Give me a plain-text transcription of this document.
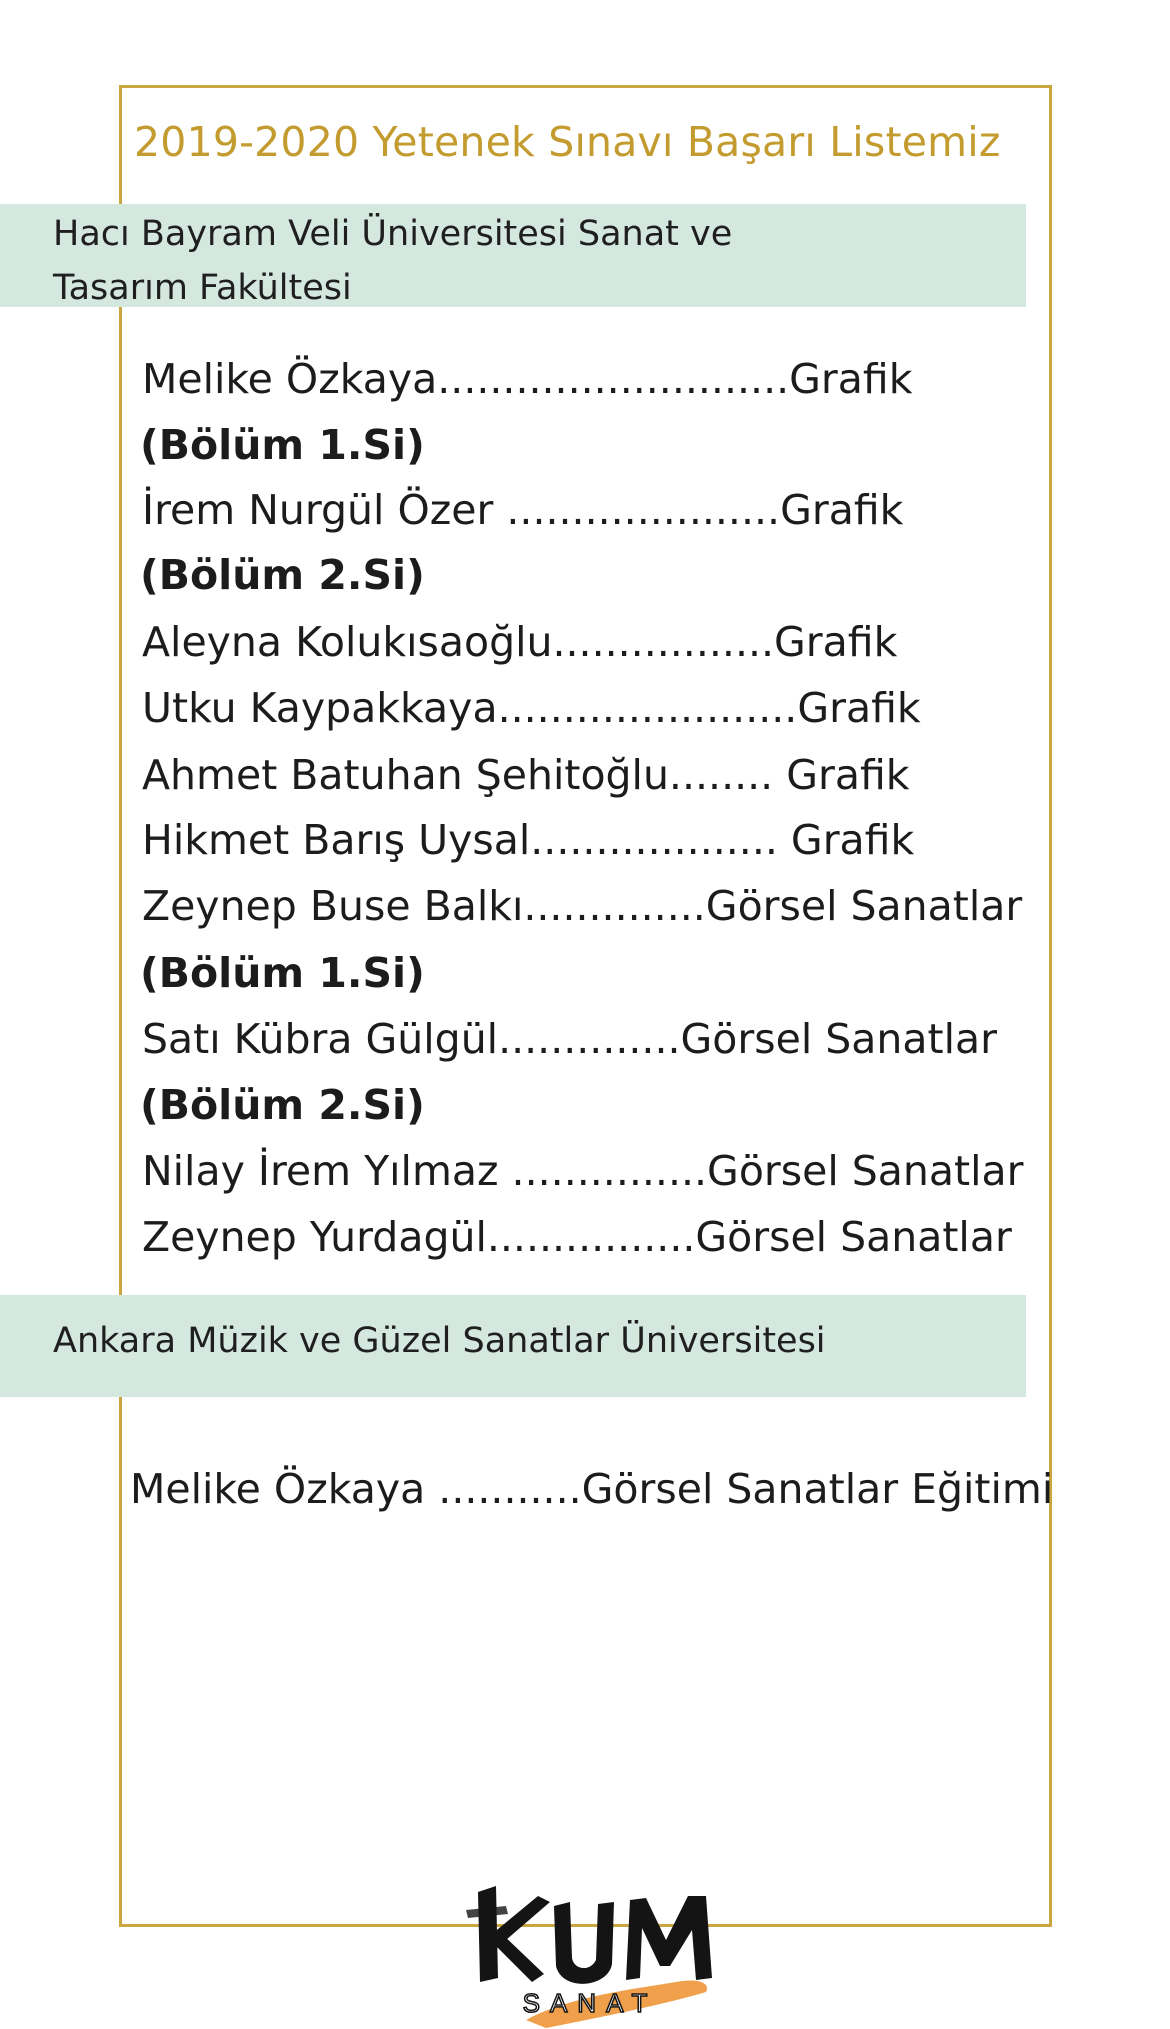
2019-2020 Yetenek Sınavı Başarı Listemiz
Hacı Bayram Veli Üniversitesi Sanat ve
Tasarım Fakültesi
Melike Özkaya...........................Grafik
(Bölüm 1.Si)
İrem Nurgül Özer .....................Grafik
(Bölüm 2.Si)
Aleyna Kolukısaoğlu.................Grafik
Utku Kaypakkaya.......................Grafik
Ahmet Batuhan Şehitoğlu........ Grafik
Hikmet Barış Uysal................... Grafik
Zeynep Buse Balkı..............Görsel Sanatlar
(Bölüm 1.Si)
Satı Kübra Gülgül..............Görsel Sanatlar
(Bölüm 2.Si)
Nilay İrem Yılmaz ...............Görsel Sanatlar
Zeynep Yurdagül................Görsel Sanatlar
Ankara Müzik ve Güzel Sanatlar Üniversitesi
Melike Özkaya ...........Görsel Sanatlar Eğitimi
SANAT
